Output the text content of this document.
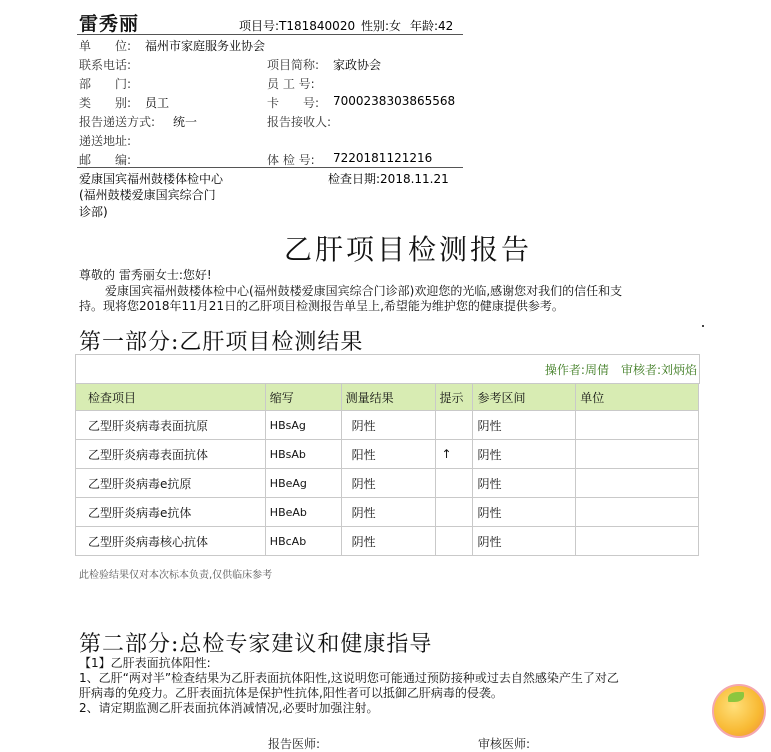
雷秀丽	项目号:T181840020 性别:女 年龄:42
单　　位: 福州市家庭服务业协会
联系电话:	项目简称: 家政协会
部　　门:	员 工 号:
类　　别: 员工	卡　　号: 7000238303865568
报告递送方式: 统一	报告接收人:
递送地址:
邮　　编:	体 检 号: 7220181121216
爱康国宾福州鼓楼体检中心
(福州鼓楼爱康国宾综合门
诊部)
检查日期:2018.11.21
乙肝项目检测报告
尊敬的 雷秀丽女士:您好!
爱康国宾福州鼓楼体检中心(福州鼓楼爱康国宾综合门诊部)欢迎您的光临,感谢您对我们的信任和支
持。现将您2018年11月21日的乙肝项目检测报告单呈上,希望能为维护您的健康提供参考。
第一部分:乙肝项目检测结果
操作者:周倩　审核者:刘炳焰
检查项目	缩写	测量结果	提示	参考区间	单位
乙型肝炎病毒表面抗原	HBsAg	阴性		阴性	
乙型肝炎病毒表面抗体	HBsAb	阳性	↑	阴性	
乙型肝炎病毒e抗原	HBeAg	阴性		阴性	
乙型肝炎病毒e抗体	HBeAb	阴性		阴性	
乙型肝炎病毒核心抗体	HBcAb	阴性		阴性	
此检验结果仅对本次标本负责,仅供临床参考
第二部分:总检专家建议和健康指导
【1】乙肝表面抗体阳性:
1、乙肝“两对半”检查结果为乙肝表面抗体阳性,这说明您可能通过预防接种或过去自然感染产生了对乙
肝病毒的免疫力。乙肝表面抗体是保护性抗体,阳性者可以抵御乙肝病毒的侵袭。
2、请定期监测乙肝表面抗体消减情况,必要时加强注射。
报告医师:	审核医师:
